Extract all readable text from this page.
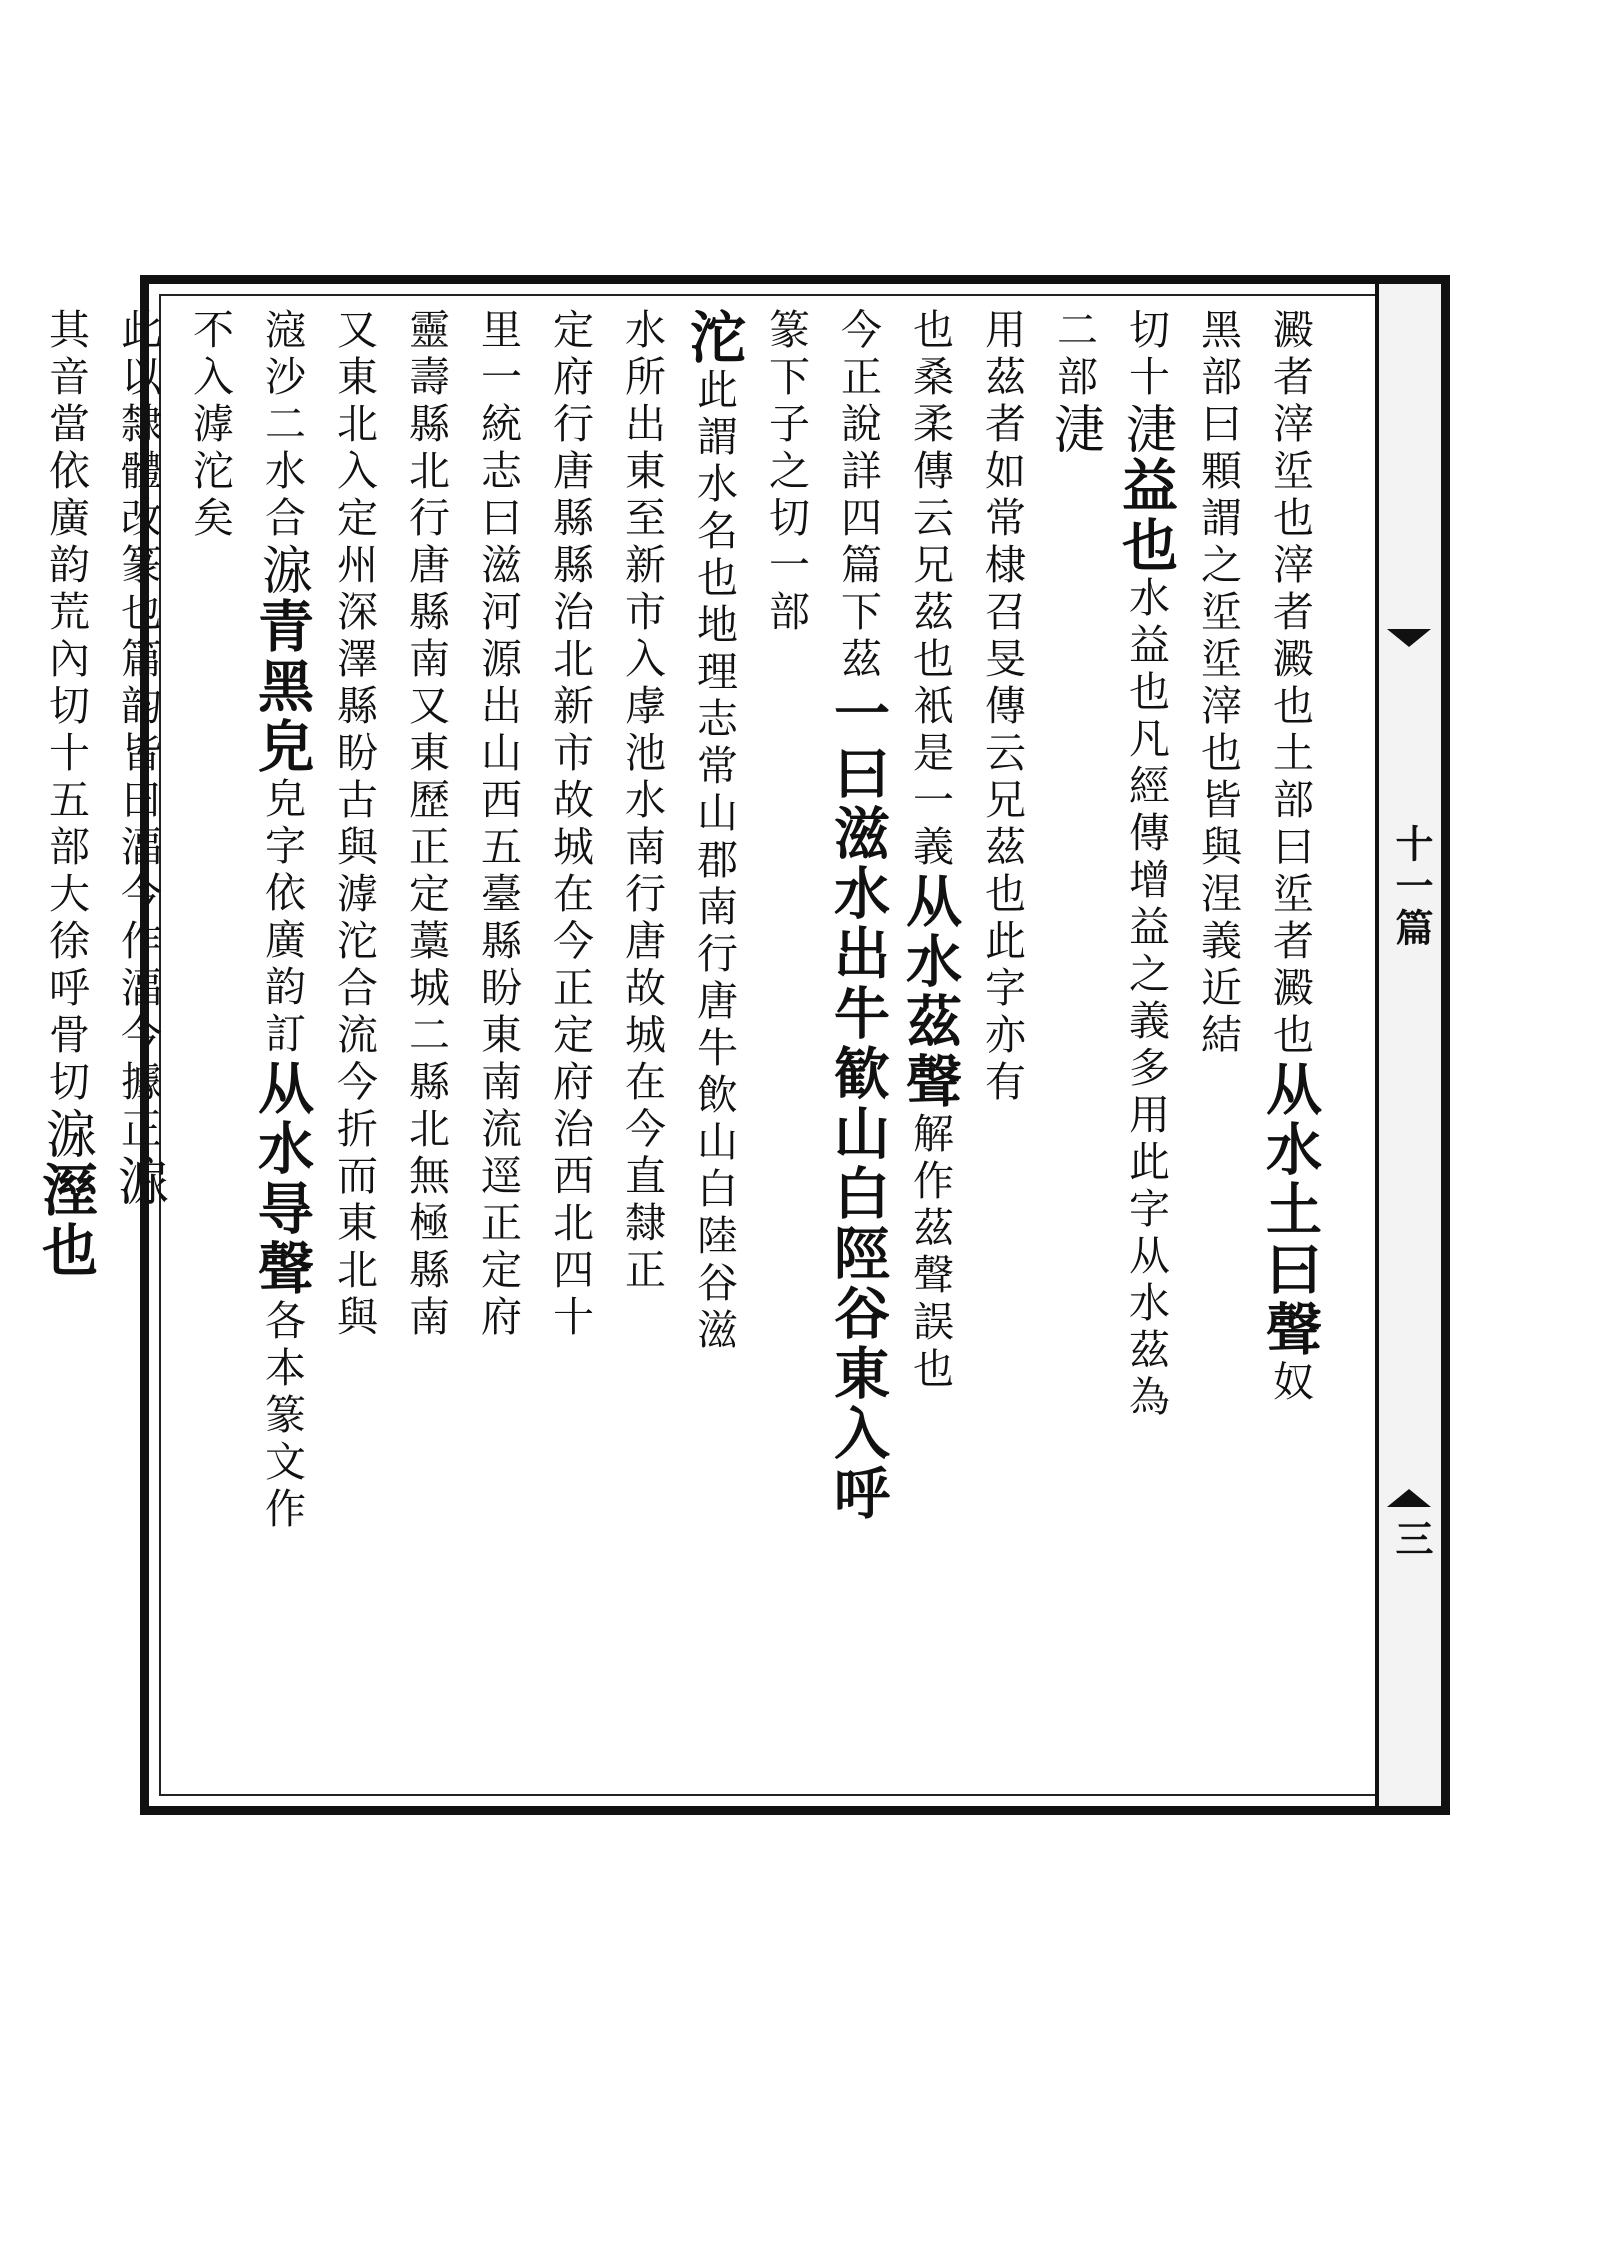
十一篇
三
澱者滓垽也滓者澱也土部曰垽者澱也从水土曰聲奴
黑部曰顆謂之垽垽滓也皆與涅義近結
切十𣶏益也水益也凡經傳增益之義多用此字从水茲為
二部𣶏
用茲者如常棣召旻傳云兄茲也此字亦有
也桑柔傳云兄茲也衹是一義从水茲聲解作茲聲誤也
今正說詳四篇下茲一曰滋水出牛歓山白陘谷東入呼
篆下子之切一部
沱此謂水名也地理志常山郡南行唐牛飲山白陸谷滋
水所出東至新市入虖池水南行唐故城在今直隸正
定府行唐縣縣治北新市故城在今正定府治西北四十
里一統志曰滋河源出山西五臺縣盼東南流逕正定府
靈壽縣北行唐縣南又東歷正定藁城二縣北無極縣南
又東北入定州深澤縣盼古與滹沱合流今折而東北與
滱沙二水合㴃青黑皃皃字依廣韵訂从水㝵聲各本篆文作
不入滹沱矣
此以隸體改篆也篇韵皆曰湢今作湢今據正㴃
其音當依廣韵荒內切十五部大徐呼骨切㴃溼也
